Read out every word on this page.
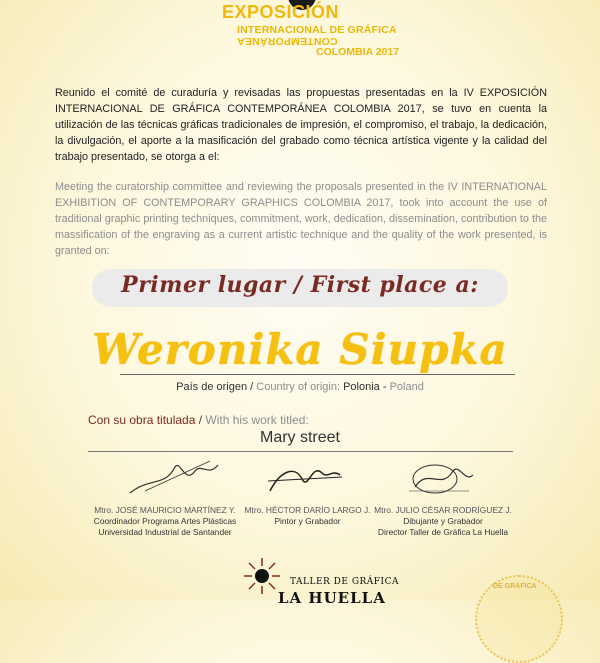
EXPOSICIÓN
INTERNACIONAL DE GRÁFICA
CONTEMPORÁNEA
COLOMBIA 2017
Reunido el comité de curaduría y revisadas las propuestas presentadas en la IV EXPOSICIÓN INTERNACIONAL DE GRÁFICA CONTEMPORÁNEA COLOMBIA 2017, se tuvo en cuenta la utilización de las técnicas gráficas tradicionales de impresión, el compromiso, el trabajo, la dedicación, la divulgación, el aporte a la masificación del grabado como técnica artística vigente y la calidad del trabajo presentado, se otorga a el:
Meeting the curatorship committee and reviewing the proposals presented in the IV INTERNATIONAL EXHIBITION OF CONTEMPORARY GRAPHICS COLOMBIA 2017, took into account the use of traditional graphic printing techniques, commitment, work, dedication, dissemination, contribution to the massification of the engraving as a current artistic technique and the quality of the work presented, is granted on:
Primer lugar / First place a:
Weronika Siupka
País de origen / Country of origin: Polonia - Poland
Con su obra titulada / With his work titled:
Mary street
Mtro. JOSÉ MAURICIO MARTÍNEZ Y.
Coordinador Programa Artes Plásticas
Universidad Industrial de Santander
Mtro. HÉCTOR DARÍO LARGO J.
Pintor y Grabador
Mtro. JULIO CÉSAR RODRÍGUEZ J.
Dibujante y Grabador
Director Taller de Gráfica La Huella
TALLER DE GRÁFICA
LA HUELLA
DE GRÁFICA
